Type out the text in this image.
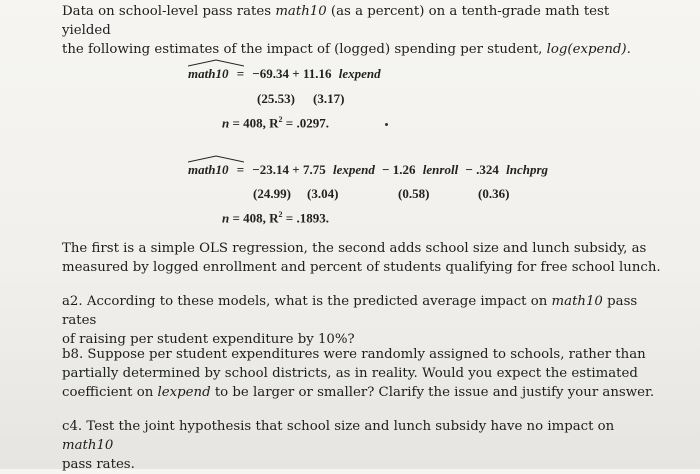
Data on school-level pass rates math10 (as a percent) on a tenth-grade math test yielded
the following estimates of the impact of (logged) spending per student, log(expend).
math10 = −69.34 + 11.16 lexpend
(25.53) (3.17)
n = 408, $R^2 = .0297$.
math10 = −23.14 + 7.75 lexpend − 1.26 lenroll − .324 lnchprg
(24.99) (3.04)	(0.58)	(0.36)
n = 408, $R^2 = .1893$.
The first is a simple OLS regression, the second adds school size and lunch subsidy, as
measured by logged enrollment and percent of students qualifying for free school lunch.
a2. According to these models, what is the predicted average impact on math10 pass rates
of raising per student expenditure by 10%?
b8. Suppose per student expenditures were randomly assigned to schools, rather than
partially determined by school districts, as in reality. Would you expect the estimated
coefficient on lexpend to be larger or smaller? Clarify the issue and justify your answer.
c4. Test the joint hypothesis that school size and lunch subsidy have no impact on math10
pass rates.
